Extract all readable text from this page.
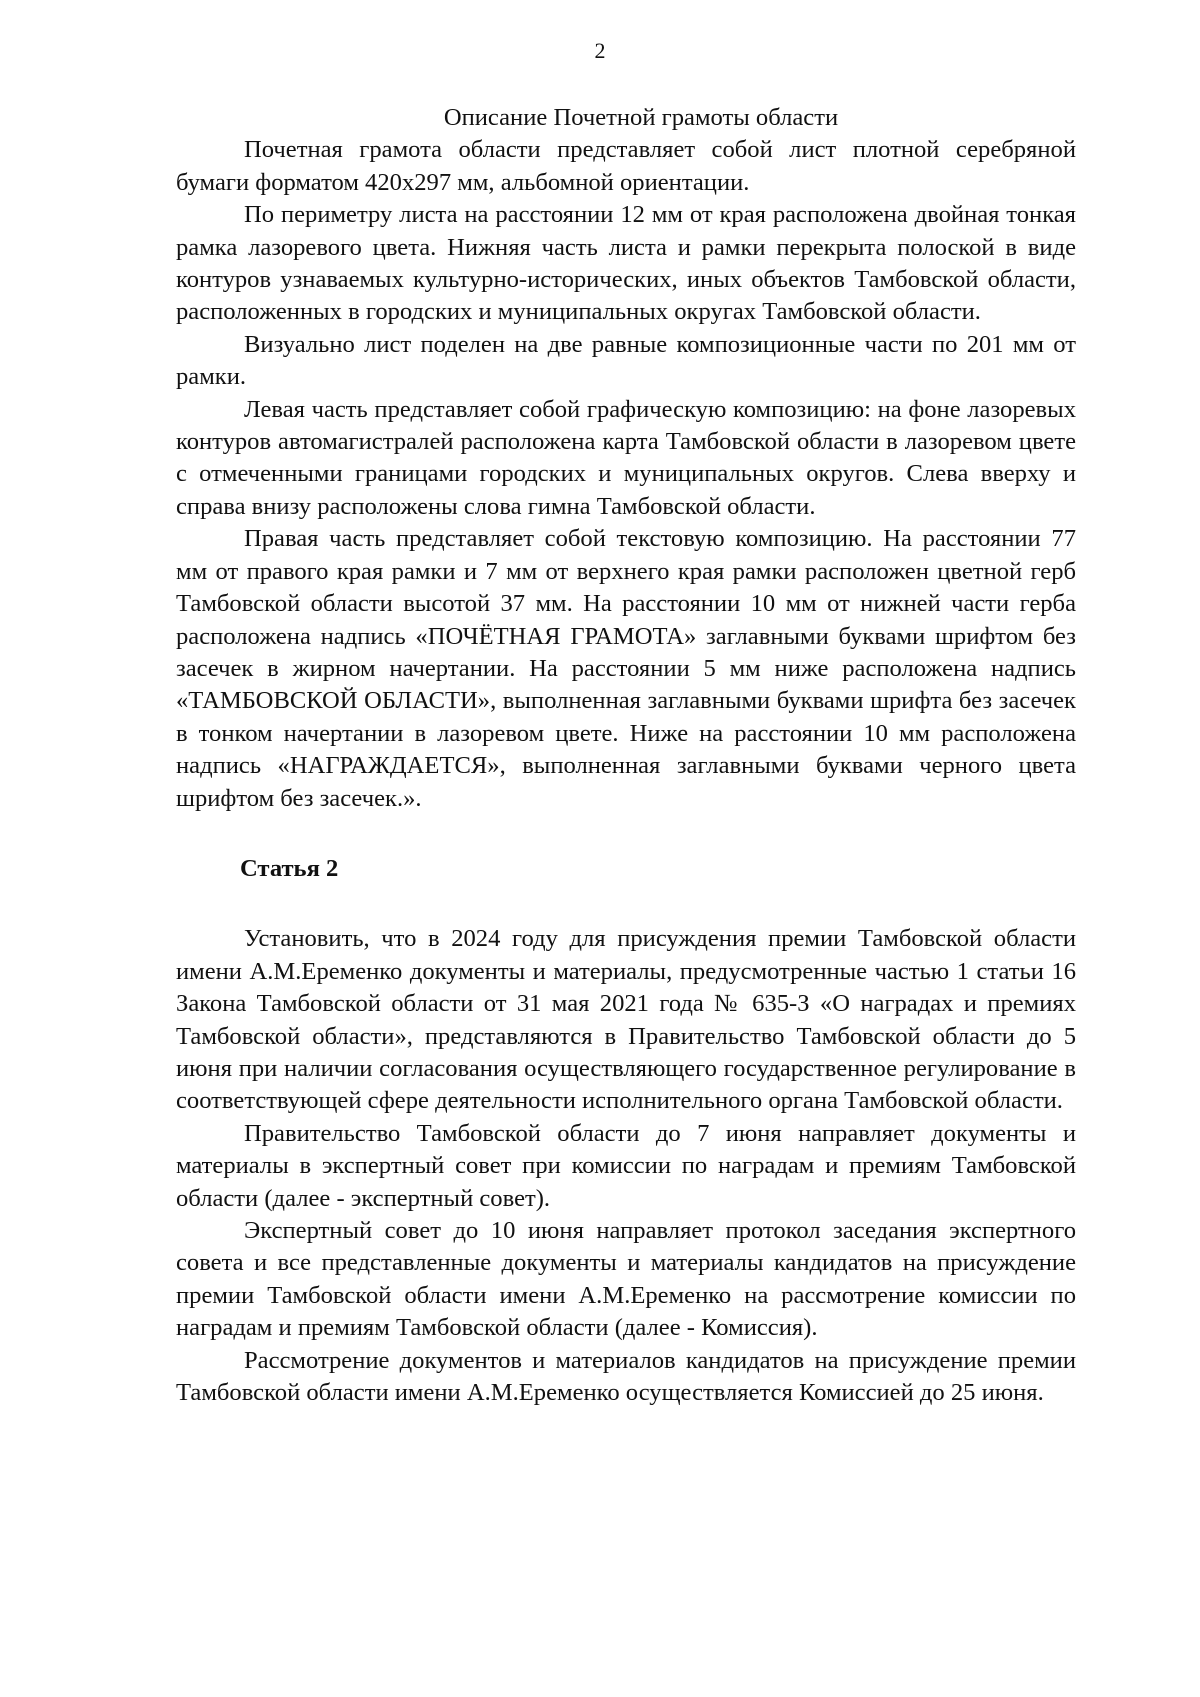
2
Описание Почетной грамоты области

Почетная грамота области представляет собой лист плотной серебряной бумаги форматом 420x297 мм, альбомной ориентации.

По периметру листа на расстоянии 12 мм от края расположена двойная тонкая рамка лазоревого цвета. Нижняя часть листа и рамки перекрыта полоской в виде контуров узнаваемых культурно-исторических, иных объектов Тамбовской области, расположенных в городских и муниципальных округах Тамбовской области.

Визуально лист поделен на две равные композиционные части по 201 мм от рамки.

Левая часть представляет собой графическую композицию: на фоне лазоревых контуров автомагистралей расположена карта Тамбовской области в лазоревом цвете с отмеченными границами городских и муниципальных округов. Слева вверху и справа внизу расположены слова гимна Тамбовской области.

Правая часть представляет собой текстовую композицию. На расстоянии 77 мм от правого края рамки и 7 мм от верхнего края рамки расположен цветной герб Тамбовской области высотой 37 мм. На расстоянии 10 мм от нижней части герба расположена надпись «ПОЧЁТНАЯ ГРАМОТА» заглавными буквами шрифтом без засечек в жирном начертании. На расстоянии 5 мм ниже расположена надпись «ТАМБОВСКОЙ ОБЛАСТИ», выполненная заглавными буквами шрифта без засечек в тонком начертании в лазоревом цвете. Ниже на расстоянии 10 мм расположена надпись «НАГРАЖДАЕТСЯ», выполненная заглавными буквами черного цвета шрифтом без засечек.».

Статья 2

Установить, что в 2024 году для присуждения премии Тамбовской области имени А.М.Еременко документы и материалы, предусмотренные частью 1 статьи 16 Закона Тамбовской области от 31 мая 2021 года № 635-З «О наградах и премиях Тамбовской области», представляются в Правительство Тамбовской области до 5 июня при наличии согласования осуществляющего государственное регулирование в соответствующей сфере деятельности исполнительного органа Тамбовской области.

Правительство Тамбовской области до 7 июня направляет документы и материалы в экспертный совет при комиссии по наградам и премиям Тамбовской области (далее - экспертный совет).

Экспертный совет до 10 июня направляет протокол заседания экспертного совета и все представленные документы и материалы кандидатов на присуждение премии Тамбовской области имени А.М.Еременко на рассмотрение комиссии по наградам и премиям Тамбовской области (далее - Комиссия).

Рассмотрение документов и материалов кандидатов на присуждение премии Тамбовской области имени А.М.Еременко осуществляется Комиссией до 25 июня.
